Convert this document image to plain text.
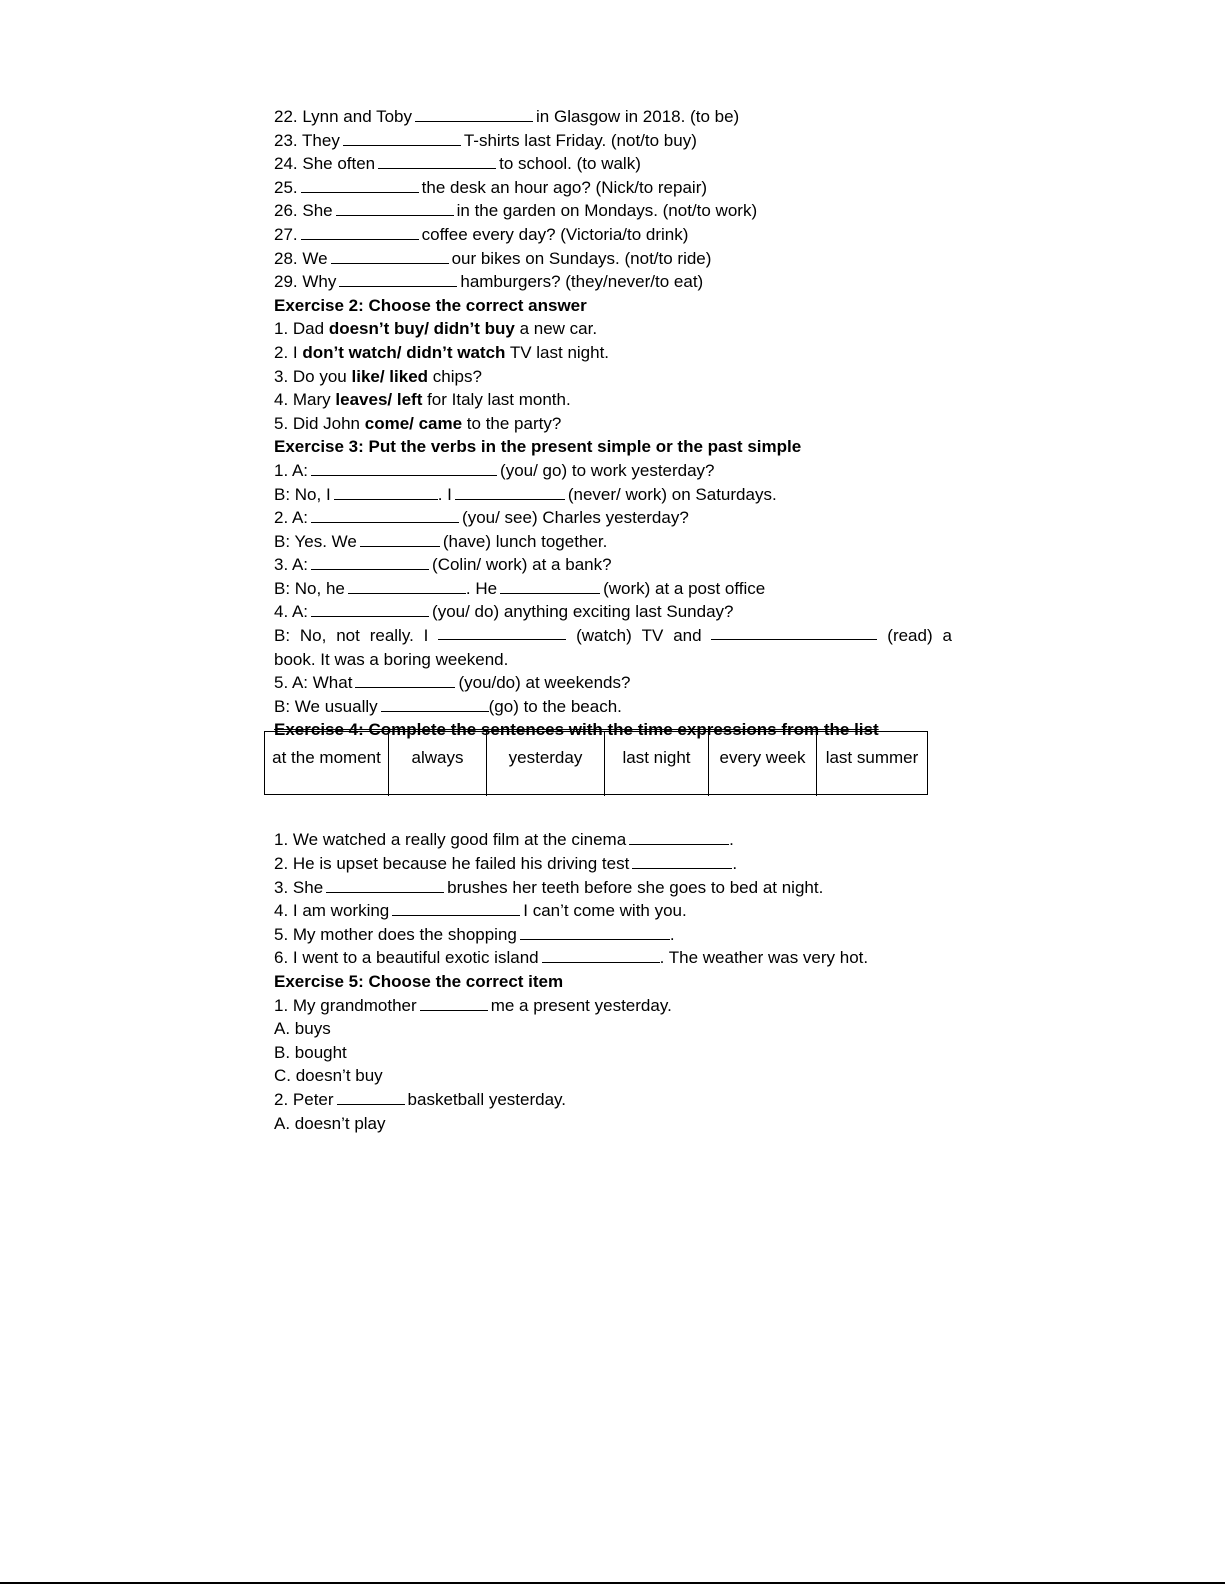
22. Lynn and Toby	in Glasgow in 2018. (to be)
23. They	T-shirts last Friday. (not/to buy)
24. She often	to school. (to walk)
25.	the desk an hour ago? (Nick/to repair)
26. She	in the garden on Mondays. (not/to work)
27.	coffee every day? (Victoria/to drink)
28. We	our bikes on Sundays. (not/to ride)
29. Why	hamburgers? (they/never/to eat)
Exercise 2: Choose the correct answer
1. Dad doesn’t buy/ didn’t buy a new car.
2. I don’t watch/ didn’t watch TV last night.
3. Do you like/ liked chips?
4. Mary leaves/ left for Italy last month.
5. Did John come/ came to the party?
Exercise 3: Put the verbs in the present simple or the past simple
1. A:	(you/ go) to work yesterday?
B: No, I	. I	(never/ work) on Saturdays.
2. A:	(you/ see) Charles yesterday?
B: Yes. We	(have) lunch together.
3. A:	(Colin/ work) at a bank?
B: No, he	. He	(work) at a post office
4. A:	(you/ do) anything exciting last Sunday?
B: No, not really. I	(watch) TV and	(read) a
book. It was a boring weekend.
5. A: What	(you/do) at weekends?
B: We usually	(go) to the beach.
at the moment	always	yesterday	last night	every week	last summer
Exercise 4: Complete the sentences with the time expressions from the list
1. We watched a really good film at the cinema	.
2. He is upset because he failed his driving test	.
3. She	brushes her teeth before she goes to bed at night.
4. I am working	I can’t come with you.
5. My mother does the shopping	.
6. I went to a beautiful exotic island	. The weather was very hot.
Exercise 5: Choose the correct item
1. My grandmother	me a present yesterday.
A. buys
B. bought
C. doesn’t buy
2. Peter	basketball yesterday.
A. doesn’t play
